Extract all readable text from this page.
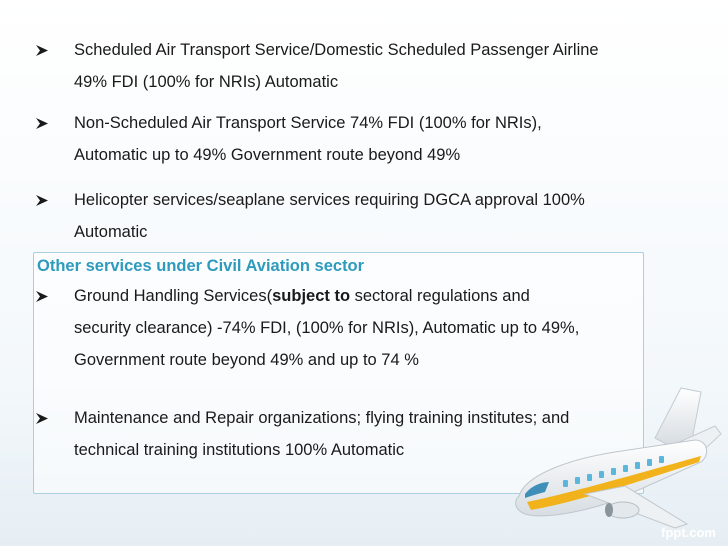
Scheduled Air Transport Service/Domestic Scheduled Passenger Airline
49% FDI (100% for NRIs) Automatic
Non-Scheduled Air Transport Service 74% FDI (100% for NRIs),
Automatic up to 49% Government route beyond 49%
Helicopter services/seaplane services requiring DGCA approval 100%
Automatic
Other services under Civil Aviation sector
Ground Handling Services(subject to sectoral regulations and
security clearance) -74% FDI, (100% for NRIs), Automatic up to 49%,
Government route beyond 49% and up to 74 %
Maintenance and Repair organizations; flying training institutes; and
technical training institutions 100% Automatic
fppt.com
